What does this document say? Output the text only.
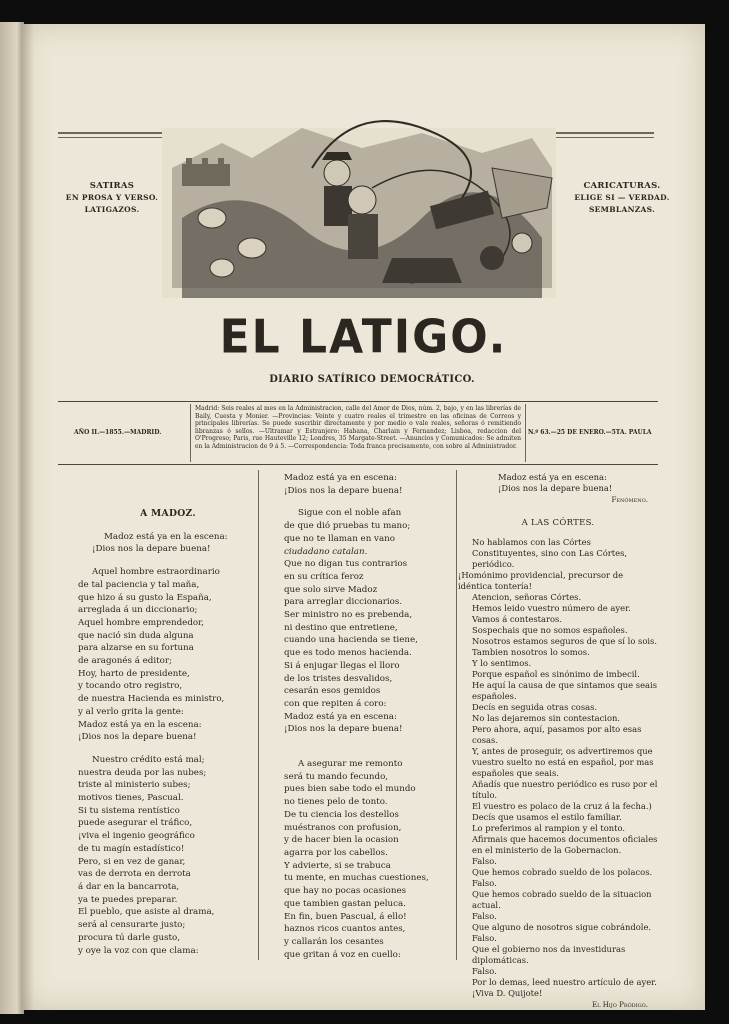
SATIRAS
EN PROSA Y VERSO.
LATIGAZOS.
CARICATURAS.
ELIGE SI — VERDAD.
SEMBLANZAS.
EL LATIGO.
DIARIO SATÍRICO DEMOCRÁTICO.
Madrid: Seis reales al mes en la Administracion, calle del Amor de Dios, núm. 2, bajo, y en las librerías de Baily, Cuesta y Monier. —Provincias: Veinte y cuatro reales el trimestre en las oficinas de Correos y principales librerías. Se puede suscribir directamente y por medio o vale reales, señoras ó remitiendo libranzas ó sellos. —Ultramar y Estranjero: Habana, Charlain y Fernandez; Lisboa, redaccion del O'Progreso; Paris, rue Hauteville 12; Londres, 35 Margate-Street. —Anuncios y Comunicados: Se admiten en la Administracion de 9 á 5. —Correspondencia: Toda franca precisamente, con sobre al Administrador.
AÑO II.—1855.—MADRID.	N.º 63.—25 DE ENERO.—5TA. PAULA
A MADOZ.
Madoz está ya en la escena:
¡Dios nos la depare buena!
Aquel hombre estraordinario
de tal paciencia y tal maña,
que hizo á su gusto la España,
arreglada á un diccionario;
Aquel hombre emprendedor,
que nació sin duda alguna
para alzarse en su fortuna
de aragonés á editor;
Hoy, harto de presidente,
y tocando otro registro,
de nuestra Hacienda es ministro,
y al verlo grita la gente:
Madoz está ya en la escena:
¡Dios nos la depare buena!
Nuestro crédito está mal;
nuestra deuda por las nubes;
triste al ministerio subes;
motivos tienes, Pascual.
Si tu sistema rentístico
puede asegurar el tráfico,
¡viva el ingenio geográfico
de tu magín estadístico!
Pero, si en vez de ganar,
vas de derrota en derrota
á dar en la bancarrota,
ya te puedes preparar.
El pueblo, que asiste al drama,
será al censurarte justo;
procura tú darle gusto,
y oye la voz con que clama:
Madoz está ya en escena:
¡Dios nos la depare buena!
Sigue con el noble afan
de que dió pruebas tu mano;
que no te llaman en vano
ciudadano catalan.
Que no digan tus contrarios
en su crítica feroz
que solo sirve Madoz
para arreglar diccionarios.
Ser ministro no es prebenda,
ni destino que entretiene,
cuando una hacienda se tiene,
que es todo menos hacienda.
Si á enjugar llegas el lloro
de los tristes desvalidos,
cesarán esos gemidos
con que repiten á coro:
Madoz está ya en escena:
¡Dios nos la depare buena!
A asegurar me remonto
será tu mando fecundo,
pues bien sabe todo el mundo
no tienes pelo de tonto.
De tu ciencia los destellos
muéstranos con profusion,
y de hacer bien la ocasion
agarra por los cabellos.
Y advierte, si se trabuca
tu mente, en muchas cuestiones,
que hay no pocas ocasiones
que tambien gastan peluca.
En fin, buen Pascual, á ello!
haznos ricos cuantos antes,
y callarán los cesantes
que gritan á voz en cuello:
Madoz está ya en escena:
¡Dios nos la depare buena!
Fenómeno.
A LAS CÓRTES.
No hablamos con las Córtes Constituyentes, sino con Las Córtes, periódico.
¡Homónimo providencial, precursor de idéntica tontería!
Atencion, señoras Córtes.
Hemos leido vuestro número de ayer.
Vamos á contestaros.
Sospechais que no somos españoles.
Nosotros estamos seguros de que sí lo sois.
Tambien nosotros lo somos.
Y lo sentimos.
Porque español es sinónimo de imbecil.
He aquí la causa de que sintamos que seais españoles.
Decís en seguida otras cosas.
No las dejaremos sin contestacion.
Pero ahora, aquí, pasamos por alto esas cosas.
Y, antes de proseguir, os advertiremos que vuestro suelto no está en español, por mas españoles que seais.
Añadís que nuestro periódico es ruso por el título.
El vuestro es polaco de la cruz á la fecha.)
Decís que usamos el estilo familiar.
Lo preferimos al rampion y el tonto.
Afirmais que hacemos documentos oficiales en el ministerio de la Gobernacion.
Falso.
Que hemos cobrado sueldo de los polacos.
Falso.
Que hemos cobrado sueldo de la situacion actual.
Falso.
Que alguno de nosotros sigue cobrándole.
Falso.
Que el gobierno nos da investiduras diplomáticas.
Falso.
Por lo demas, leed nuestro artículo de ayer.
¡Viva D. Quijote!
El Hijo Pródigo.
